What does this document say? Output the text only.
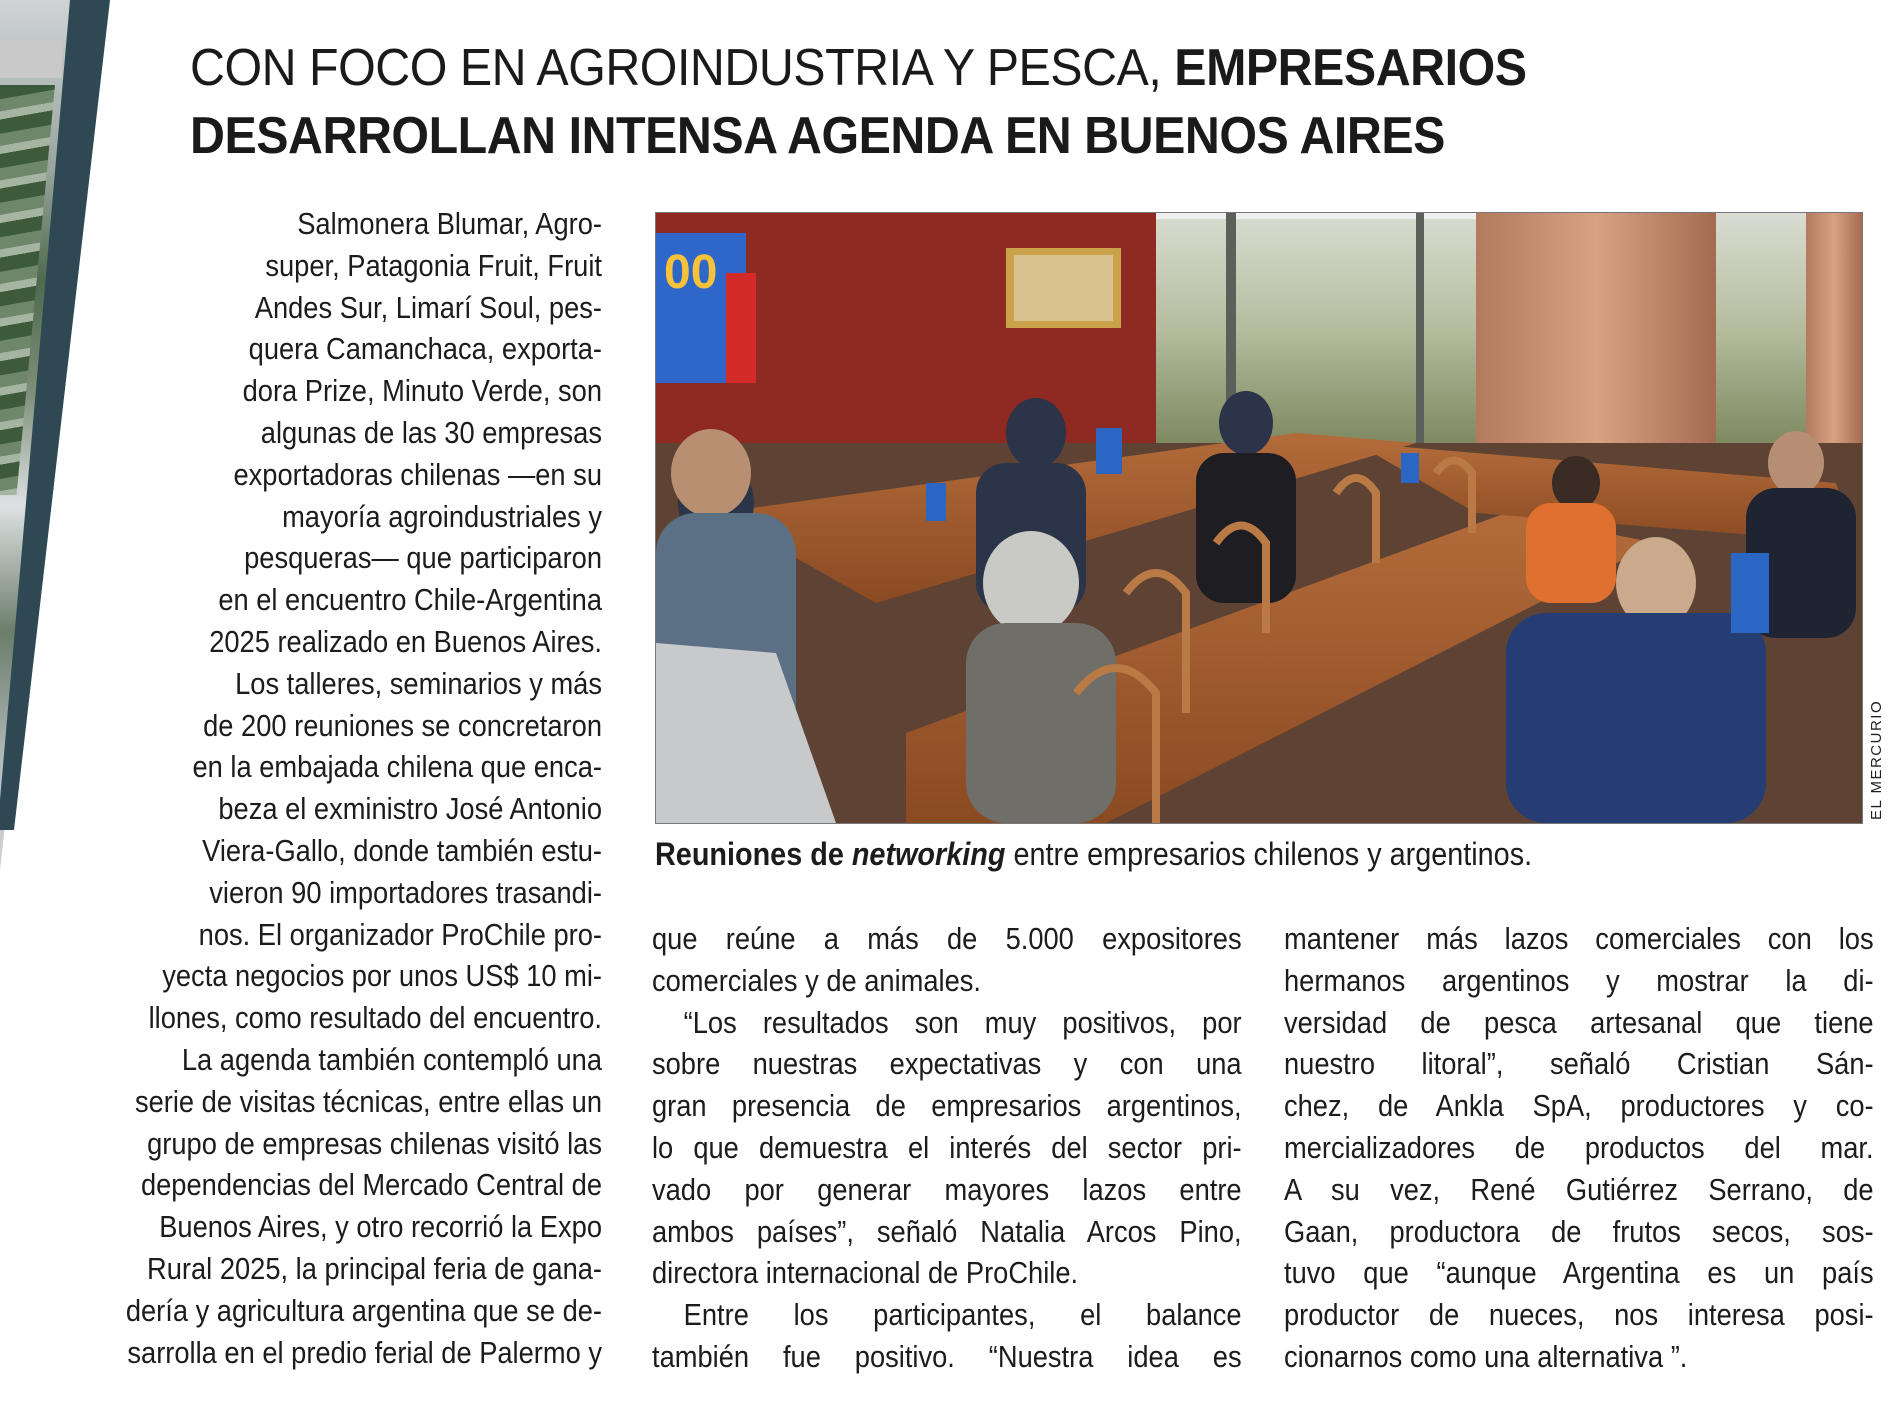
CON FOCO EN AGROINDUSTRIA Y PESCA, EMPRESARIOS
DESARROLLAN INTENSA AGENDA EN BUENOS AIRES

Salmonera Blumar, Agro-

super, Patagonia Fruit, Fruit

Andes Sur, Limarí Soul, pes-

quera Camanchaca, exporta-

dora Prize, Minuto Verde, son

algunas de las 30 empresas

exportadoras chilenas —en su

mayoría agroindustriales y

pesqueras— que participaron

en el encuentro Chile-Argentina

2025 realizado en Buenos Aires.

Los talleres, seminarios y más

de 200 reuniones se concretaron

en la embajada chilena que enca-

beza el exministro José Antonio

Viera-Gallo, donde también estu-

vieron 90 importadores trasandi-

nos. El organizador ProChile pro-

yecta negocios por unos US$ 10 mi-

llones, como resultado del encuentro.

La agenda también contempló una

serie de visitas técnicas, entre ellas un

grupo de empresas chilenas visitó las

dependencias del Mercado Central de

Buenos Aires, y otro recorrió la Expo

Rural 2025, la principal feria de gana-

dería y agricultura argentina que se de-

sarrolla en el predio ferial de Palermo y

00
EL MERCURIO
Reuniones de networking entre empresarios chilenos y argentinos.

que reúne a más de 5.000 expositores

comerciales y de animales.

“Los resultados son muy positivos, por

sobre nuestras expectativas y con una

gran presencia de empresarios argentinos,

lo que demuestra el interés del sector pri-

vado por generar mayores lazos entre

ambos países”, señaló Natalia Arcos Pino,

directora internacional de ProChile.

Entre los participantes, el balance

también fue positivo. “Nuestra idea es

mantener más lazos comerciales con los

hermanos argentinos y mostrar la di-

versidad de pesca artesanal que tiene

nuestro litoral”, señaló Cristian Sán-

chez, de Ankla SpA, productores y co-

mercializadores de productos del mar.

A su vez, René Gutiérrez Serrano, de

Gaan, productora de frutos secos, sos-

tuvo que “aunque Argentina es un país

productor de nueces, nos interesa posi-

cionarnos como una alternativa ”.
